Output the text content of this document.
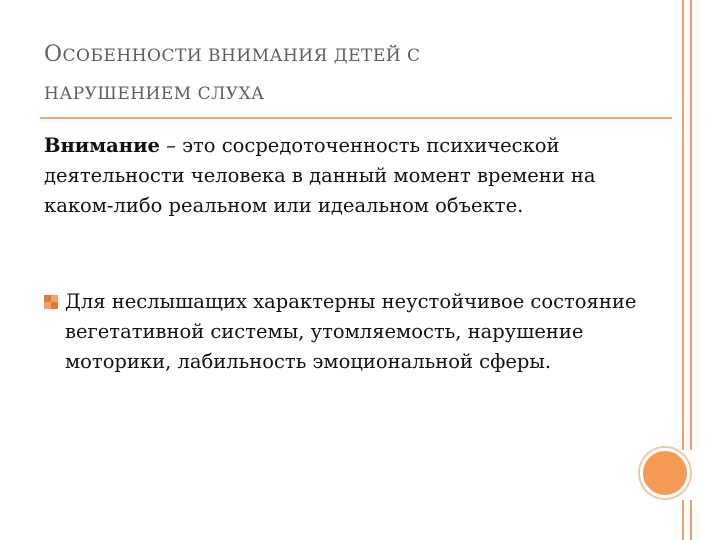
ОСОБЕННОСТИ ВНИМАНИЯ ДЕТЕЙ С
НАРУШЕНИЕМ СЛУХА
Внимание – это сосредоточенность психической деятельности человека в данный момент времени на каком-либо реальном или идеальном объекте.
Для неслышащих характерны неустойчивое состояние вегетативной системы, утомляемость, нарушение моторики, лабильность эмоциональной сферы.
